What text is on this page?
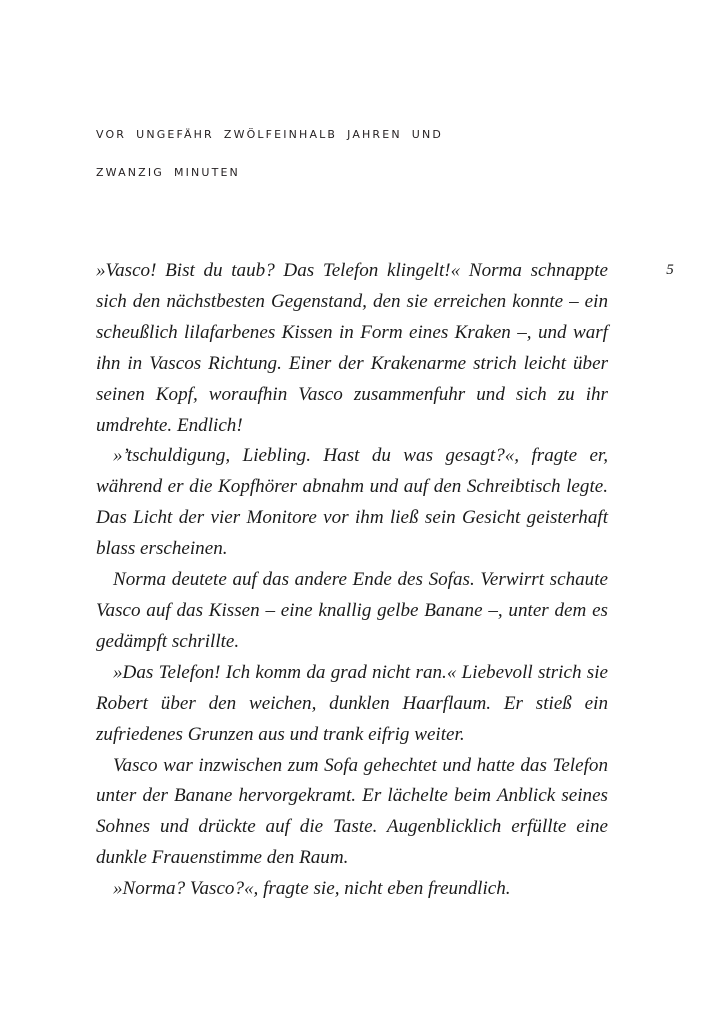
vor ungefähr zwölfeinhalb jahren und
zwanzig minuten
5

»Vasco! Bist du taub? Das Telefon klingelt!« Norma schnappte sich den nächstbesten Gegenstand, den sie erreichen konnte – ein scheußlich lilafarbenes Kissen in Form eines Kraken –, und warf ihn in Vascos Richtung. Einer der Krakenarme strich leicht über seinen Kopf, woraufhin Vasco zusammenfuhr und sich zu ihr umdrehte. Endlich!

»’tschuldigung, Liebling. Hast du was gesagt?«, fragte er, während er die Kopfhörer abnahm und auf den Schreibtisch legte. Das Licht der vier Monitore vor ihm ließ sein Gesicht geisterhaft blass erscheinen.

Norma deutete auf das andere Ende des Sofas. Verwirrt schaute Vasco auf das Kissen – eine knallig gelbe Banane –, unter dem es gedämpft schrillte.

»Das Telefon! Ich komm da grad nicht ran.« Liebevoll strich sie Robert über den weichen, dunklen Haarflaum. Er stieß ein zufriedenes Grunzen aus und trank eifrig weiter.

Vasco war inzwischen zum Sofa gehechtet und hatte das Telefon unter der Banane hervorgekramt. Er lächelte beim Anblick seines Sohnes und drückte auf die Taste. Augenblicklich erfüllte eine dunkle Frauenstimme den Raum.

»Norma? Vasco?«, fragte sie, nicht eben freundlich.
